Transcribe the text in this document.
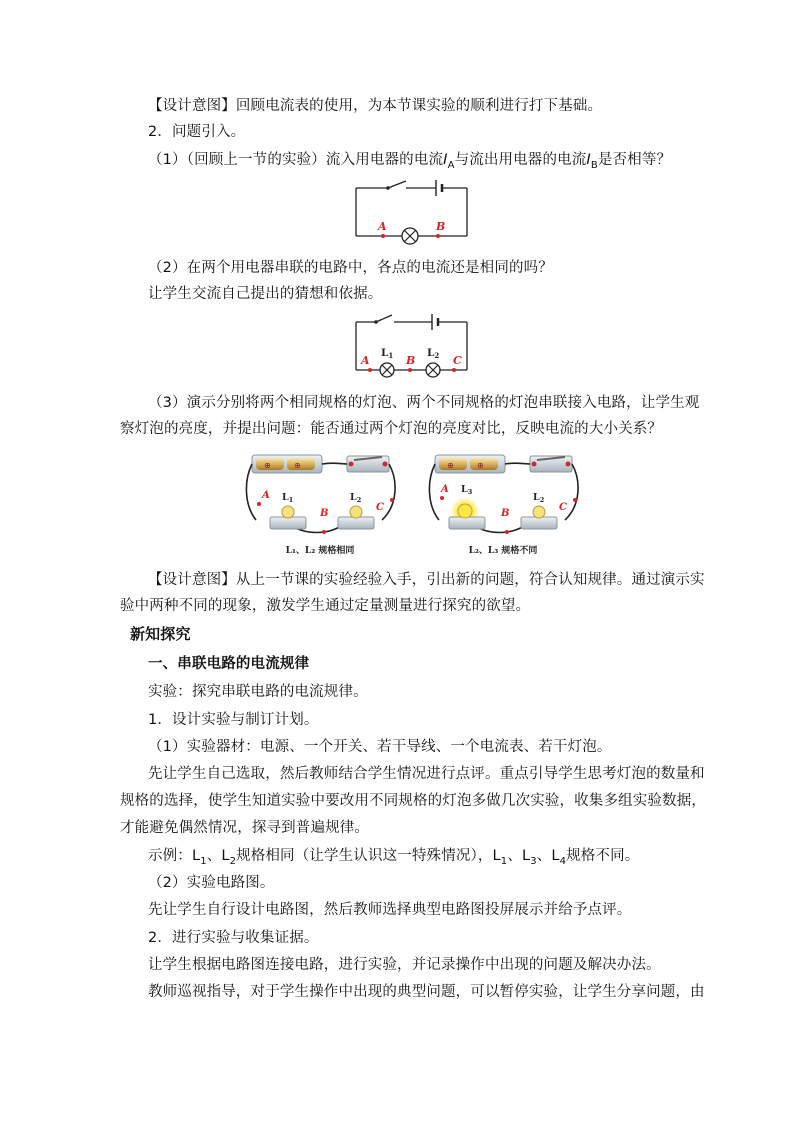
【设计意图】回顾电流表的使用，为本节课实验的顺利进行打下基础。
2．问题引入。
（1）（回顾上一节的实验）流入用电器的电流$I_A$与流出用电器的电流$I_B$是否相等？
A	B
（2）在两个用电器串联的电路中，各点的电流还是相同的吗？
让学生交流自己提出的猜想和依据。
A	B	C
L1	L2
（3）演示分别将两个相同规格的灯泡、两个不同规格的灯泡串联接入电路，让学生观
察灯泡的亮度，并提出问题：能否通过两个灯泡的亮度对比，反映电流的大小关系？
⊕	⊕
A
B
C
$L_1$	$L_2$
L₁、L₂ 规格相同
⊕	⊕
A
B
C
$L_3$	$L_2$
L₂、L₃ 规格不同
【设计意图】从上一节课的实验经验入手，引出新的问题，符合认知规律。通过演示实
验中两种不同的现象，激发学生通过定量测量进行探究的欲望。
新知探究
一、串联电路的电流规律
实验：探究串联电路的电流规律。
1．设计实验与制订计划。
（1）实验器材：电源、一个开关、若干导线、一个电流表、若干灯泡。
先让学生自己选取，然后教师结合学生情况进行点评。重点引导学生思考灯泡的数量和
规格的选择，使学生知道实验中要改用不同规格的灯泡多做几次实验，收集多组实验数据，
才能避免偶然情况，探寻到普遍规律。
示例：$L_1$、$L_2$规格相同（让学生认识这一特殊情况），$L_1$、$L_3$、$L_4$规格不同。
（2）实验电路图。
先让学生自行设计电路图，然后教师选择典型电路图投屏展示并给予点评。
2．进行实验与收集证据。
让学生根据电路图连接电路，进行实验，并记录操作中出现的问题及解决办法。
教师巡视指导，对于学生操作中出现的典型问题，可以暂停实验，让学生分享问题，由
